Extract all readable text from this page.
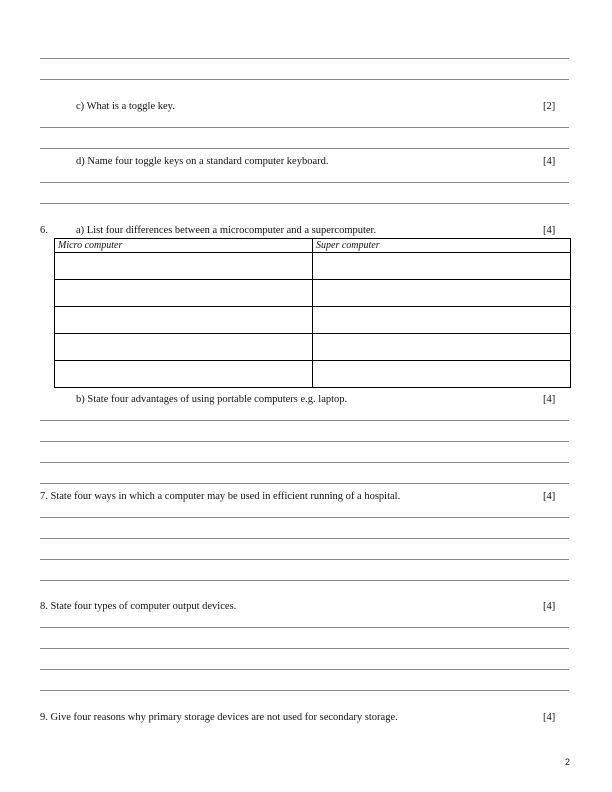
c) What is a toggle key.	[2]
d) Name four toggle keys on a standard computer keyboard.	[4]
6.	a) List four differences between a microcomputer and a supercomputer.	[4]
Micro computer	Super computer

b) State four advantages of using portable computers e.g. laptop.	[4]
7. State four ways in which a computer may be used in efficient running of a hospital.	[4]
8. State four types of computer output devices.	[4]
9. Give four reasons why primary storage devices are not used for secondary storage.	[4]
2
